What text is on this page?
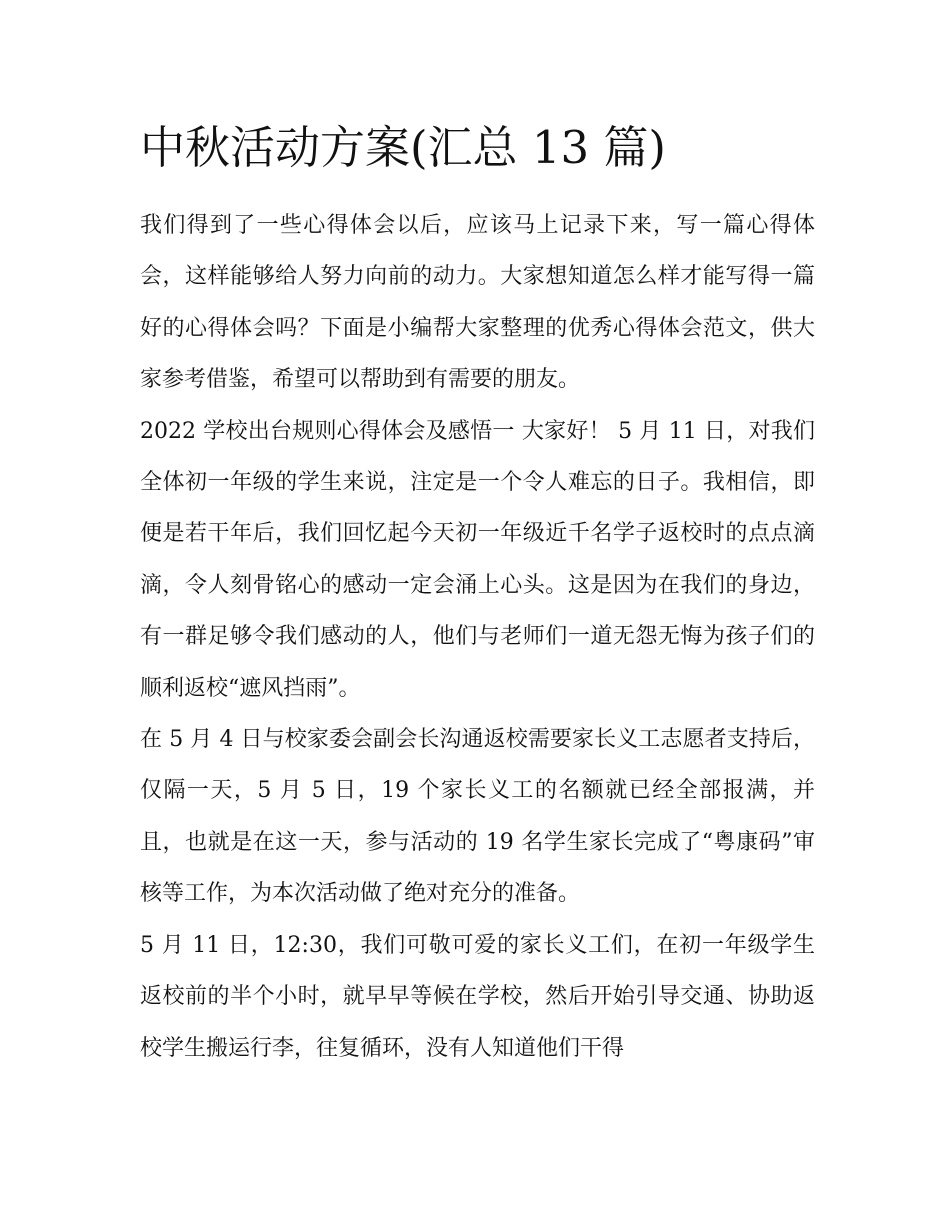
中秋活动方案(汇总 13 篇)

我们得到了一些心得体会以后，应该马上记录下来，写一篇心得体会，这样能够给人努力向前的动力。大家想知道怎么样才能写得一篇好的心得体会吗？下面是小编帮大家整理的优秀心得体会范文，供大家参考借鉴，希望可以帮助到有需要的朋友。

2022 学校出台规则心得体会及感悟一 大家好！ 5 月 11 日，对我们全体初一年级的学生来说，注定是一个令人难忘的日子。我相信，即便是若干年后，我们回忆起今天初一年级近千名学子返校时的点点滴滴，令人刻骨铭心的感动一定会涌上心头。这是因为在我们的身边，有一群足够令我们感动的人，他们与老师们一道无怨无悔为孩子们的顺利返校“遮风挡雨”。

在 5 月 4 日与校家委会副会长沟通返校需要家长义工志愿者支持后，仅隔一天，5 月 5 日，19 个家长义工的名额就已经全部报满，并且，也就是在这一天，参与活动的 19 名学生家长完成了“粤康码”审核等工作，为本次活动做了绝对充分的准备。

5 月 11 日，12:30，我们可敬可爱的家长义工们，在初一年级学生返校前的半个小时，就早早等候在学校，然后开始引导交通、协助返校学生搬运行李，往复循环，没有人知道他们干得
